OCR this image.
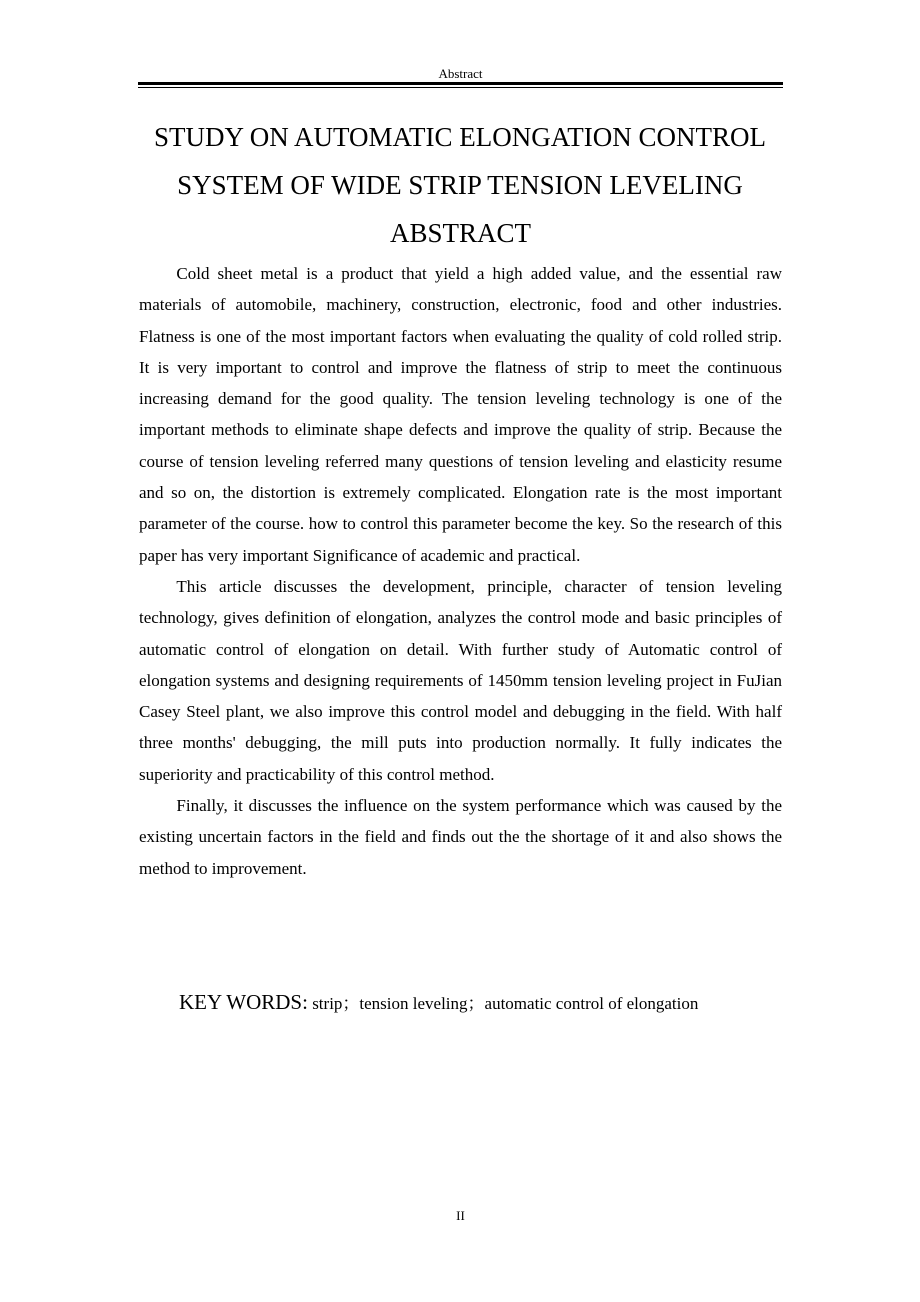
Abstract
STUDY ON AUTOMATIC ELONGATION CONTROL
SYSTEM OF WIDE STRIP TENSION LEVELING
ABSTRACT

Cold sheet metal is a product that yield a high added value, and the essential raw materials of automobile, machinery, construction, electronic, food and other industries. Flatness is one of the most important factors when evaluating the quality of cold rolled strip. It is very important to control and improve the flatness of strip to meet the continuous increasing demand for the good quality. The tension leveling technology is one of the important methods to eliminate shape defects and improve the quality of strip. Because the course of tension leveling referred many questions of tension leveling and elasticity resume and so on, the distortion is extremely complicated. Elongation rate is the most important parameter of the course. how to control this parameter become the key. So the research of this paper has very important Significance of academic and practical.

This article discusses the development, principle, character of tension leveling technology, gives definition of elongation, analyzes the control mode and basic principles of automatic control of elongation on detail. With further study of Automatic control of elongation systems and designing requirements of 1450mm tension leveling project in FuJian Casey Steel plant, we also improve this control model and debugging in the field. With half three months' debugging, the mill puts into production normally. It fully indicates the superiority and practicability of this control method.

Finally, it discusses the influence on the system performance which was caused by the existing uncertain factors in the field and finds out the the shortage of it and also shows the method to improvement.

KEY WORDS: strip；tension leveling；automatic control of elongation
II
